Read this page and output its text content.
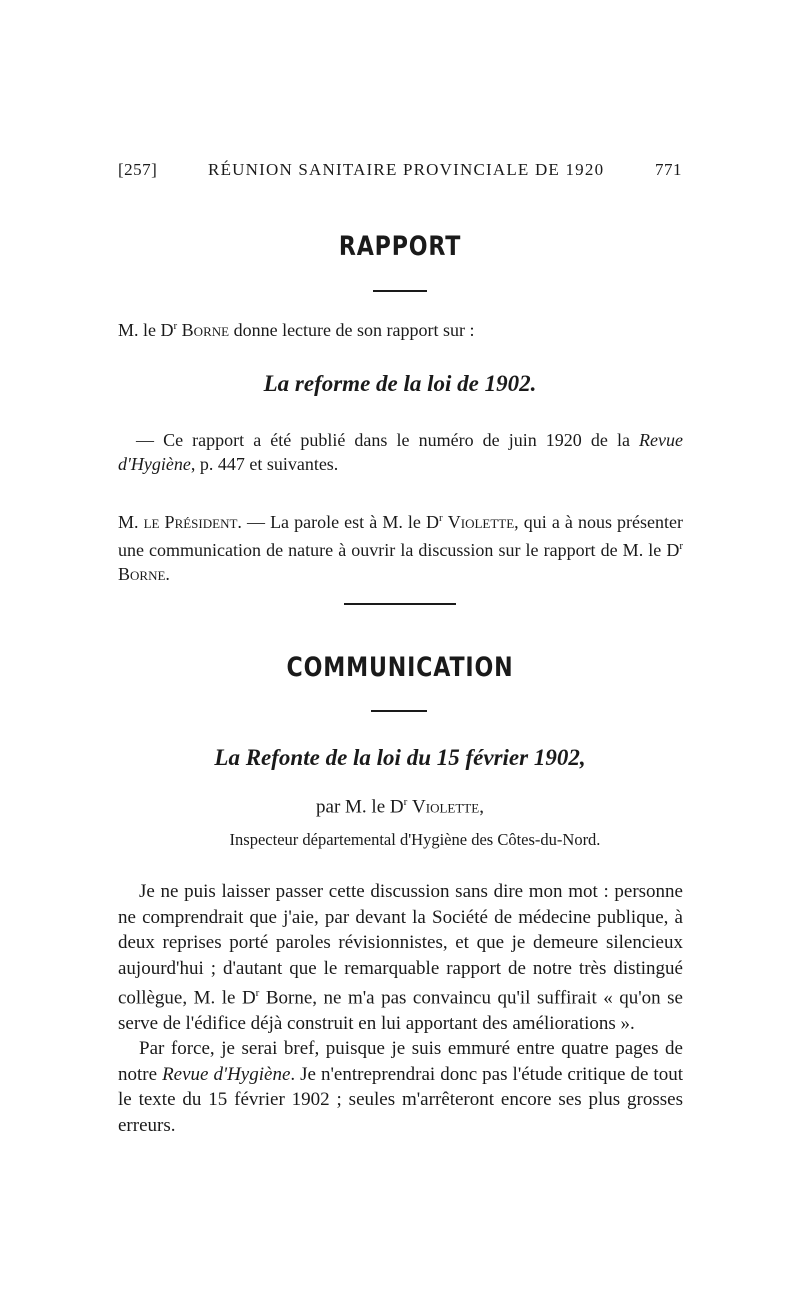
[257]	RÉUNION SANITAIRE PROVINCIALE DE 1920	771
RAPPORT
M. le $D^r$ Borne donne lecture de son rapport sur :
La reforme de la loi de 1902.
— Ce rapport a été publié dans le numéro de juin 1920 de la Revue d'Hygiène, p. 447 et suivantes.
M. le Président. — La parole est à M. le $D^r$ Violette, qui a à nous présenter une communication de nature à ouvrir la discussion sur le rapport de M. le $D^r$ Borne.
COMMUNICATION
La Refonte de la loi du 15 février 1902,
par M. le $D^r$ Violette,
Inspecteur départemental d'Hygiène des Côtes-du-Nord.

Je ne puis laisser passer cette discussion sans dire mon mot : personne ne comprendrait que j'aie, par devant la Société de médecine publique, à deux reprises porté paroles révisionnistes, et que je demeure silencieux aujourd'hui ; d'autant que le remarquable rapport de notre très distingué collègue, M. le $D^r$ Borne, ne m'a pas convaincu qu'il suffirait « qu'on se serve de l'édifice déjà construit en lui apportant des améliorations ».

Par force, je serai bref, puisque je suis emmuré entre quatre pages de notre Revue d'Hygiène. Je n'entreprendrai donc pas l'étude critique de tout le texte du 15 février 1902 ; seules m'arrêteront encore ses plus grosses erreurs.
